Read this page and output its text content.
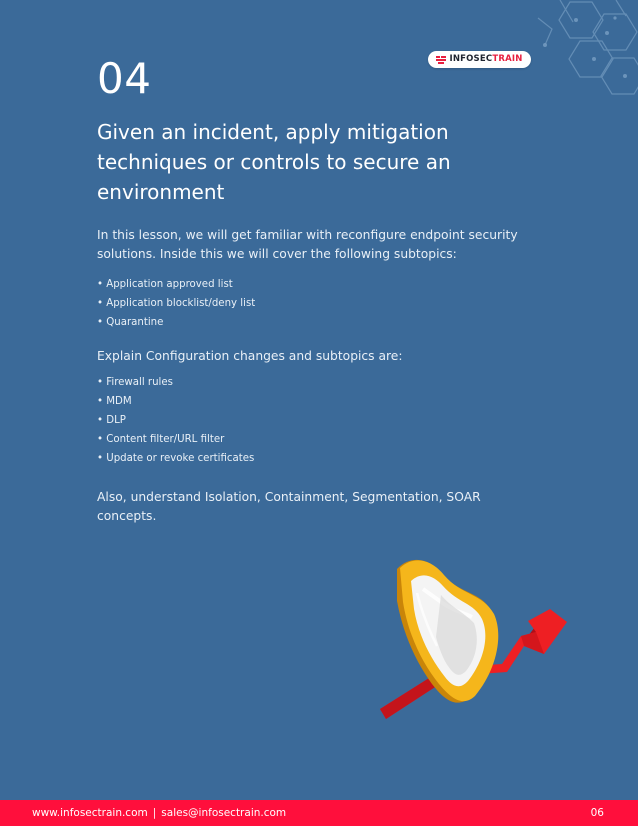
INFOSECTRAIN
04
Given an incident, apply mitigation techniques or controls to secure an environment

In this lesson, we will get familiar with reconfigure endpoint security solutions. Inside this we will cover the following subtopics:

• Application approved list
• Application blocklist/deny list
• Quarantine

Explain Configuration changes and subtopics are:

• Firewall rules
• MDM
• DLP
• Content filter/URL filter
• Update or revoke certificates

Also, understand Isolation, Containment, Segmentation, SOAR concepts.

www.infosectrain.com | sales@infosectrain.com	06
